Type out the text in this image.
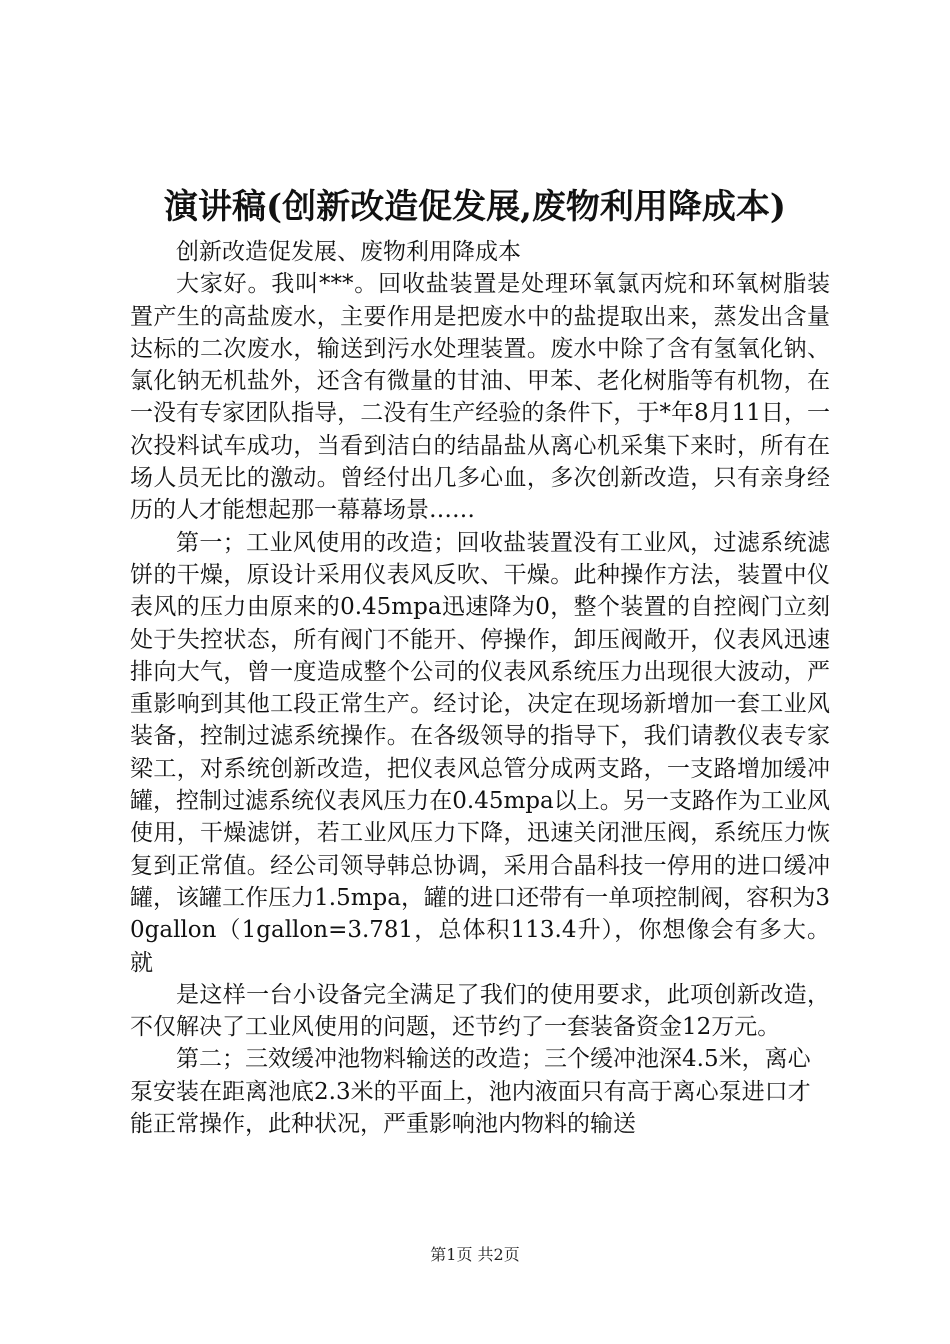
演讲稿(创新改造促发展,废物利用降成本)

创新改造促发展、废物利用降成本

大家好。我叫***。回收盐装置是处理环氧氯丙烷和环氧树脂装置产生的高盐废水，主要作用是把废水中的盐提取出来，蒸发出含量达标的二次废水，输送到污水处理装置。废水中除了含有氢氧化钠、氯化钠无机盐外，还含有微量的甘油、甲苯、老化树脂等有机物，在一没有专家团队指导，二没有生产经验的条件下，于*年8月11日，一次投料试车成功，当看到洁白的结晶盐从离心机采集下来时，所有在场人员无比的激动。曾经付出几多心血，多次创新改造，只有亲身经历的人才能想起那一幕幕场景……

第一；工业风使用的改造；回收盐装置没有工业风，过滤系统滤饼的干燥，原设计采用仪表风反吹、干燥。此种操作方法，装置中仪表风的压力由原来的0.45mpa迅速降为0，整个装置的自控阀门立刻处于失控状态，所有阀门不能开、停操作，卸压阀敞开，仪表风迅速排向大气，曾一度造成整个公司的仪表风系统压力出现很大波动，严重影响到其他工段正常生产。经讨论，决定在现场新增加一套工业风装备，控制过滤系统操作。在各级领导的指导下，我们请教仪表专家梁工，对系统创新改造，把仪表风总管分成两支路，一支路增加缓冲罐，控制过滤系统仪表风压力在0.45mpa以上。另一支路作为工业风使用，干燥滤饼，若工业风压力下降，迅速关闭泄压阀，系统压力恢复到正常值。经公司领导韩总协调，采用合晶科技一停用的进口缓冲罐，该罐工作压力1.5mpa，罐的进口还带有一单项控制阀，容积为30gallon（1gallon=3.781，总体积113.4升），你想像会有多大。就

是这样一台小设备完全满足了我们的使用要求，此项创新改造，不仅解决了工业风使用的问题，还节约了一套装备资金12万元。

第二；三效缓冲池物料输送的改造；三个缓冲池深4.5米，离心泵安装在距离池底2.3米的平面上，池内液面只有高于离心泵进口才能正常操作，此种状况，严重影响池内物料的输送

第1页 共2页
